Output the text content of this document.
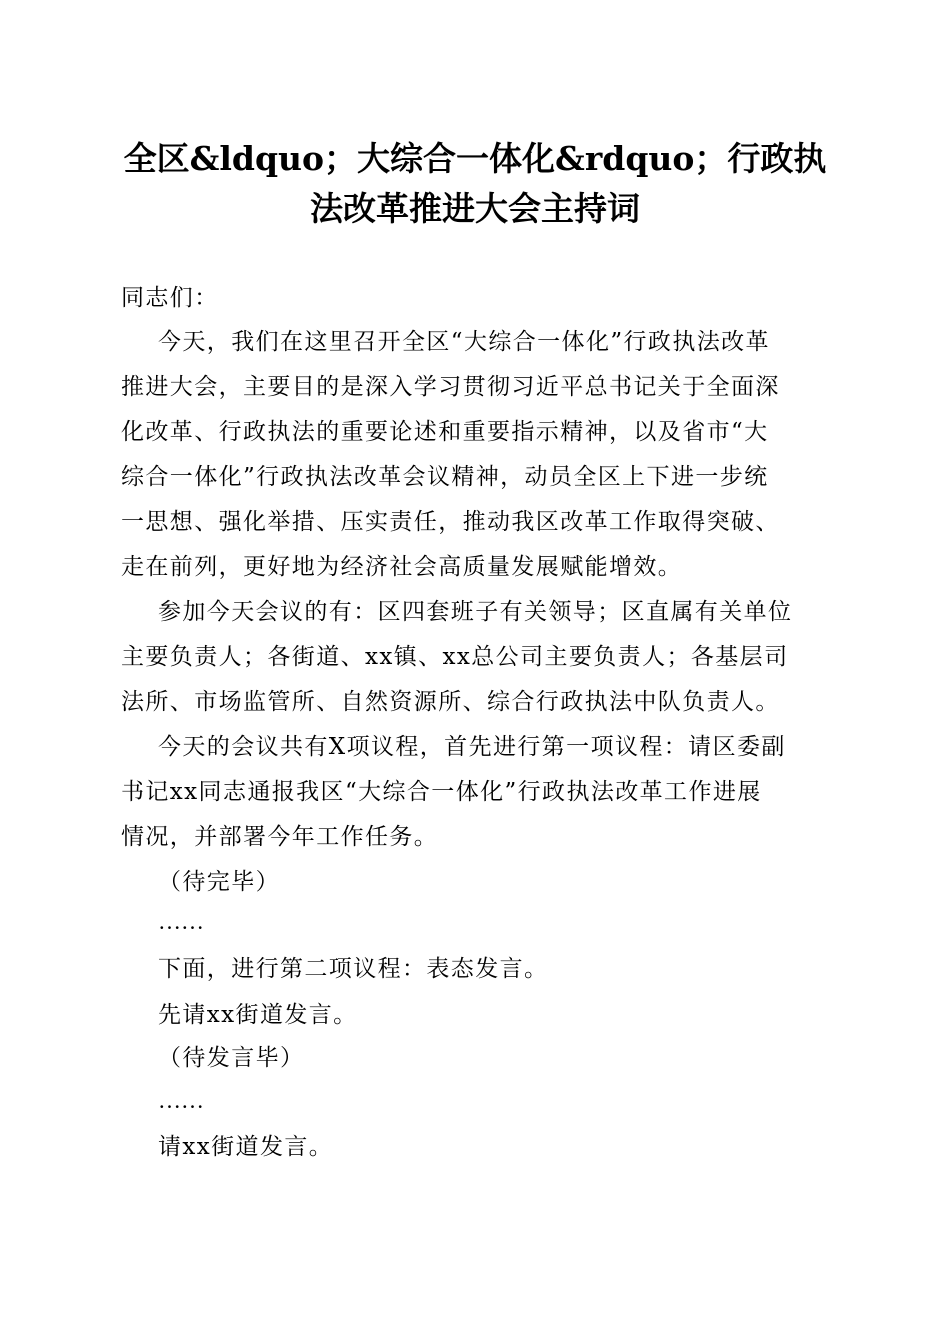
全区&ldquo；大综合一体化&rdquo；行政执
法改革推进大会主持词
同志们：
今天，我们在这里召开全区“大综合一体化”行政执法改革
推进大会，主要目的是深入学习贯彻习近平总书记关于全面深
化改革、行政执法的重要论述和重要指示精神，以及省市“大
综合一体化”行政执法改革会议精神，动员全区上下进一步统
一思想、强化举措、压实责任，推动我区改革工作取得突破、
走在前列，更好地为经济社会高质量发展赋能增效。
参加今天会议的有：区四套班子有关领导；区直属有关单位
主要负责人；各街道、xx镇、xx总公司主要负责人；各基层司
法所、市场监管所、自然资源所、综合行政执法中队负责人。
今天的会议共有X项议程，首先进行第一项议程：请区委副
书记xx同志通报我区“大综合一体化”行政执法改革工作进展
情况，并部署今年工作任务。
（待完毕）
……
下面，进行第二项议程：表态发言。
先请xx街道发言。
（待发言毕）
……
请xx街道发言。
